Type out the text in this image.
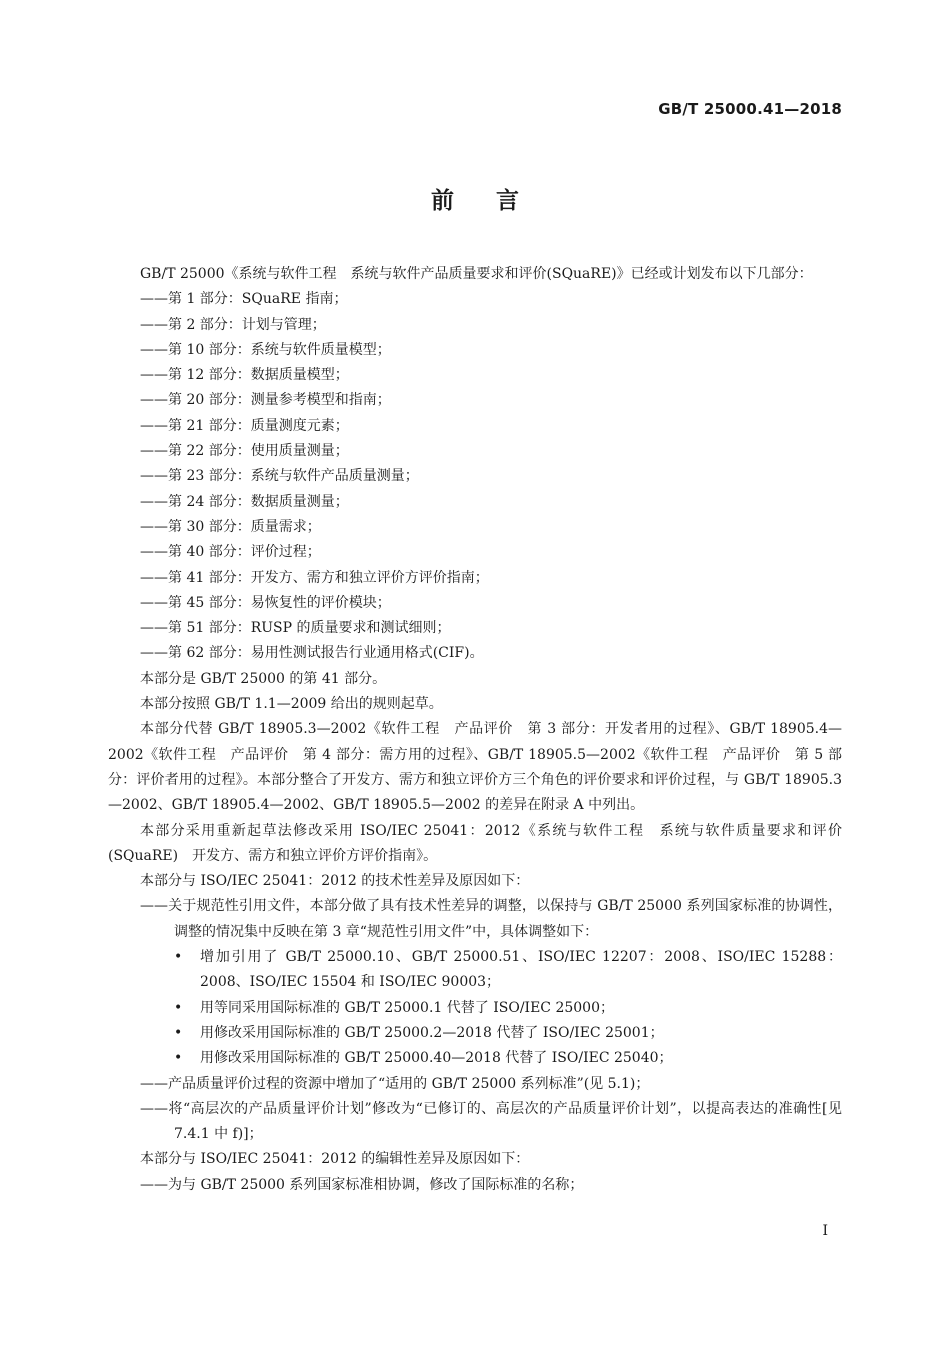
GB/T 25000.41—2018
前言

GB/T 25000《系统与软件工程　系统与软件产品质量要求和评价(SQuaRE)》已经或计划发布以下几部分：

——第 1 部分：SQuaRE 指南；

——第 2 部分：计划与管理；

——第 10 部分：系统与软件质量模型；

——第 12 部分：数据质量模型；

——第 20 部分：测量参考模型和指南；

——第 21 部分：质量测度元素；

——第 22 部分：使用质量测量；

——第 23 部分：系统与软件产品质量测量；

——第 24 部分：数据质量测量；

——第 30 部分：质量需求；

——第 40 部分：评价过程；

——第 41 部分：开发方、需方和独立评价方评价指南；

——第 45 部分：易恢复性的评价模块；

——第 51 部分：RUSP 的质量要求和测试细则；

——第 62 部分：易用性测试报告行业通用格式(CIF)。

本部分是 GB/T 25000 的第 41 部分。

本部分按照 GB/T 1.1—2009 给出的规则起草。

本部分代替 GB/T 18905.3—2002《软件工程　产品评价　第 3 部分：开发者用的过程》、GB/T 18905.4—2002《软件工程　产品评价　第 4 部分：需方用的过程》、GB/T 18905.5—2002《软件工程　产品评价　第 5 部分：评价者用的过程》。本部分整合了开发方、需方和独立评价方三个角色的评价要求和评价过程，与 GB/T 18905.3—2002、GB/T 18905.4—2002、GB/T 18905.5—2002 的差异在附录 A 中列出。

本部分采用重新起草法修改采用 ISO/IEC 25041：2012《系统与软件工程　系统与软件质量要求和评价(SQuaRE)　开发方、需方和独立评价方评价指南》。

本部分与 ISO/IEC 25041：2012 的技术性差异及原因如下：

——关于规范性引用文件，本部分做了具有技术性差异的调整，以保持与 GB/T 25000 系列国家标准的协调性，调整的情况集中反映在第 3 章“规范性引用文件”中，具体调整如下：

• 增加引用了 GB/T 25000.10、GB/T 25000.51、ISO/IEC 12207：2008、ISO/IEC 15288：2008、ISO/IEC 15504 和 ISO/IEC 90003；

• 用等同采用国际标准的 GB/T 25000.1 代替了 ISO/IEC 25000；

• 用修改采用国际标准的 GB/T 25000.2—2018 代替了 ISO/IEC 25001；

• 用修改采用国际标准的 GB/T 25000.40—2018 代替了 ISO/IEC 25040；

——产品质量评价过程的资源中增加了“适用的 GB/T 25000 系列标准”(见 5.1)；

——将“高层次的产品质量评价计划”修改为“已修订的、高层次的产品质量评价计划”，以提高表达的准确性[见 7.4.1 中 f)]；

本部分与 ISO/IEC 25041：2012 的编辑性差异及原因如下：

——为与 GB/T 25000 系列国家标准相协调，修改了国际标准的名称；

I
